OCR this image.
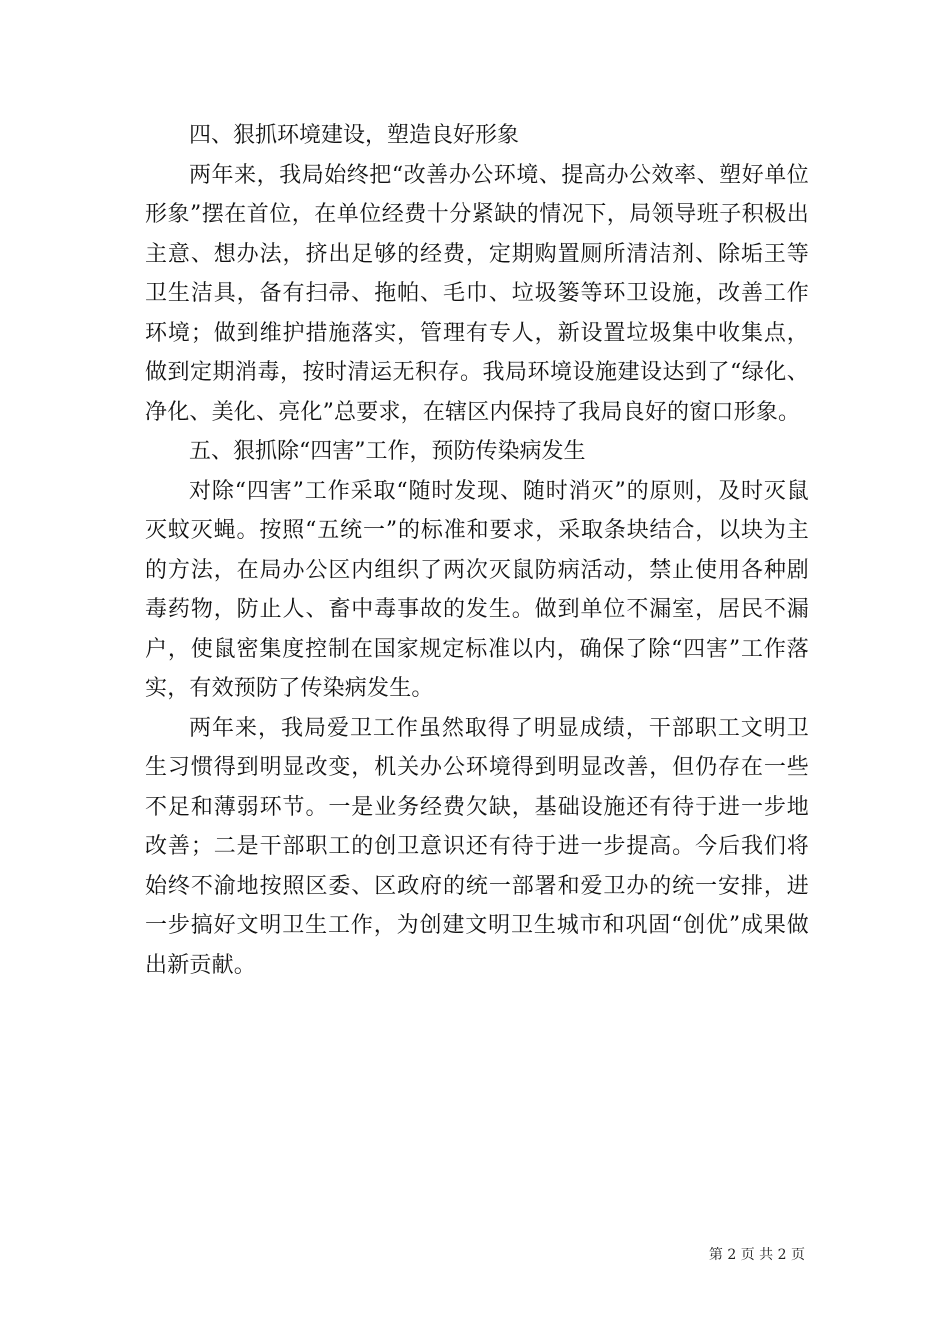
四、狠抓环境建设，塑造良好形象

两年来，我局始终把“改善办公环境、提高办公效率、塑好单位形象”摆在首位，在单位经费十分紧缺的情况下，局领导班子积极出主意、想办法，挤出足够的经费，定期购置厕所清洁剂、除垢王等卫生洁具，备有扫帚、拖帕、毛巾、垃圾篓等环卫设施，改善工作环境；做到维护措施落实，管理有专人，新设置垃圾集中收集点，做到定期消毒，按时清运无积存。我局环境设施建设达到了“绿化、净化、美化、亮化”总要求，在辖区内保持了我局良好的窗口形象。

五、狠抓除“四害”工作，预防传染病发生

对除“四害”工作采取“随时发现、随时消灭”的原则，及时灭鼠灭蚊灭蝇。按照“五统一”的标准和要求，采取条块结合，以块为主的方法，在局办公区内组织了两次灭鼠防病活动，禁止使用各种剧毒药物，防止人、畜中毒事故的发生。做到单位不漏室，居民不漏户，使鼠密集度控制在国家规定标准以内，确保了除“四害”工作落实，有效预防了传染病发生。

两年来，我局爱卫工作虽然取得了明显成绩，干部职工文明卫生习惯得到明显改变，机关办公环境得到明显改善，但仍存在一些不足和薄弱环节。一是业务经费欠缺，基础设施还有待于进一步地改善；二是干部职工的创卫意识还有待于进一步提高。今后我们将始终不渝地按照区委、区政府的统一部署和爱卫办的统一安排，进一步搞好文明卫生工作，为创建文明卫生城市和巩固“创优”成果做出新贡献。

第 2 页 共 2 页
